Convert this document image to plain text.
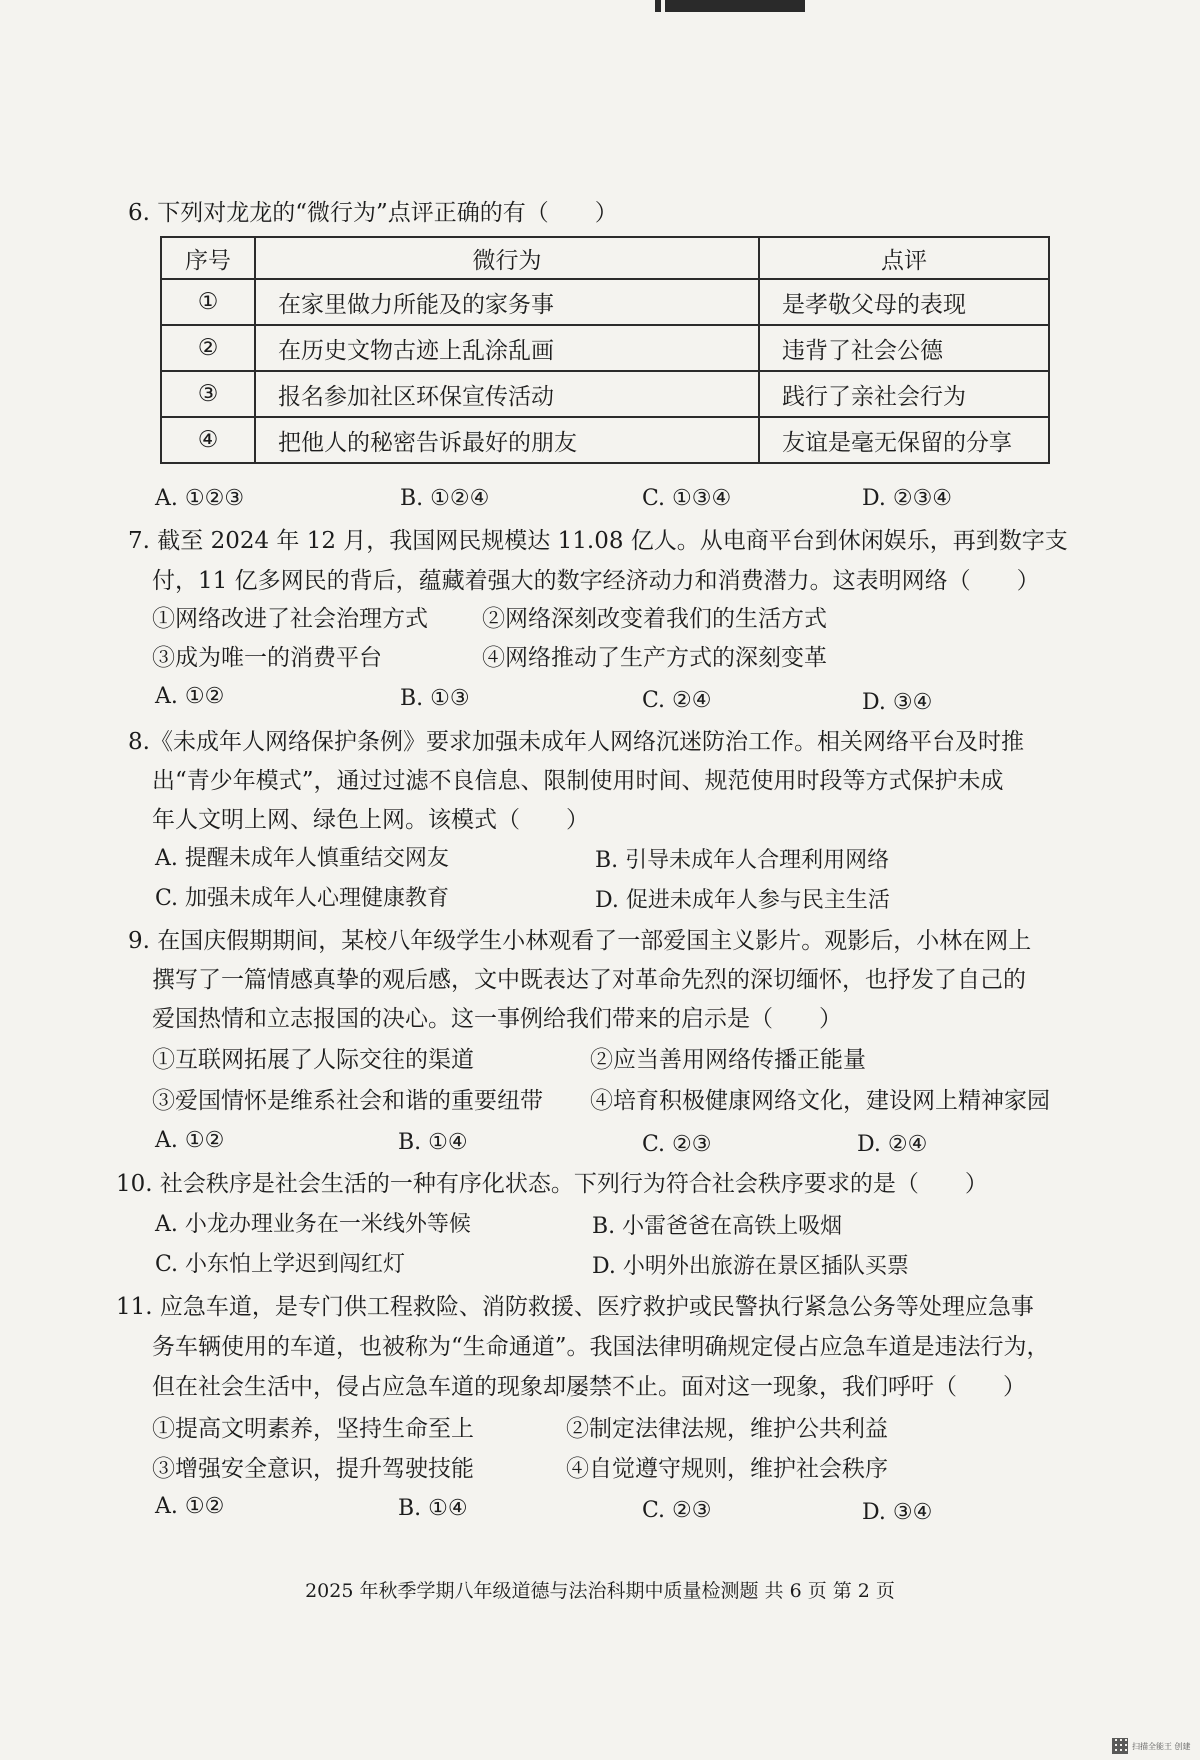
6. 下列对龙龙的“微行为”点评正确的有（　　）
序号	微行为	点评
①	在家里做力所能及的家务事	是孝敬父母的表现
②	在历史文物古迹上乱涂乱画	违背了社会公德
③	报名参加社区环保宣传活动	践行了亲社会行为
④	把他人的秘密告诉最好的朋友	友谊是毫无保留的分享
A. ①②③	B. ①②④	C. ①③④	D. ②③④
7. 截至 2024 年 12 月，我国网民规模达 11.08 亿人。从电商平台到休闲娱乐，再到数字支
付，11 亿多网民的背后，蕴藏着强大的数字经济动力和消费潜力。这表明网络（　　）
①网络改进了社会治理方式 ②网络深刻改变着我们的生活方式
③成为唯一的消费平台	④网络推动了生产方式的深刻变革
A. ①②	B. ①③	C. ②④	D. ③④
8.《未成年人网络保护条例》要求加强未成年人网络沉迷防治工作。相关网络平台及时推
出“青少年模式”，通过过滤不良信息、限制使用时间、规范使用时段等方式保护未成
年人文明上网、绿色上网。该模式（　　）
A. 提醒未成年人慎重结交网友	B. 引导未成年人合理利用网络
C. 加强未成年人心理健康教育	D. 促进未成年人参与民主生活
9. 在国庆假期期间，某校八年级学生小林观看了一部爱国主义影片。观影后，小林在网上
撰写了一篇情感真挚的观后感，文中既表达了对革命先烈的深切缅怀，也抒发了自己的
爱国热情和立志报国的决心。这一事例给我们带来的启示是（　　）
①互联网拓展了人际交往的渠道	②应当善用网络传播正能量
③爱国情怀是维系社会和谐的重要纽带 ④培育积极健康网络文化，建设网上精神家园
A. ①②	B. ①④	C. ②③	D. ②④
10. 社会秩序是社会生活的一种有序化状态。下列行为符合社会秩序要求的是（　　）
A. 小龙办理业务在一米线外等候	B. 小雷爸爸在高铁上吸烟
C. 小东怕上学迟到闯红灯	D. 小明外出旅游在景区插队买票
11. 应急车道，是专门供工程救险、消防救援、医疗救护或民警执行紧急公务等处理应急事
务车辆使用的车道，也被称为“生命通道”。我国法律明确规定侵占应急车道是违法行为，
但在社会生活中，侵占应急车道的现象却屡禁不止。面对这一现象，我们呼吁（　　）
①提高文明素养，坚持生命至上	②制定法律法规，维护公共利益
③增强安全意识，提升驾驶技能	④自觉遵守规则，维护社会秩序
A. ①②	B. ①④	C. ②③	D. ③④
2025 年秋季学期八年级道德与法治科期中质量检测题 共 6 页 第 2 页
扫描全能王 创建
